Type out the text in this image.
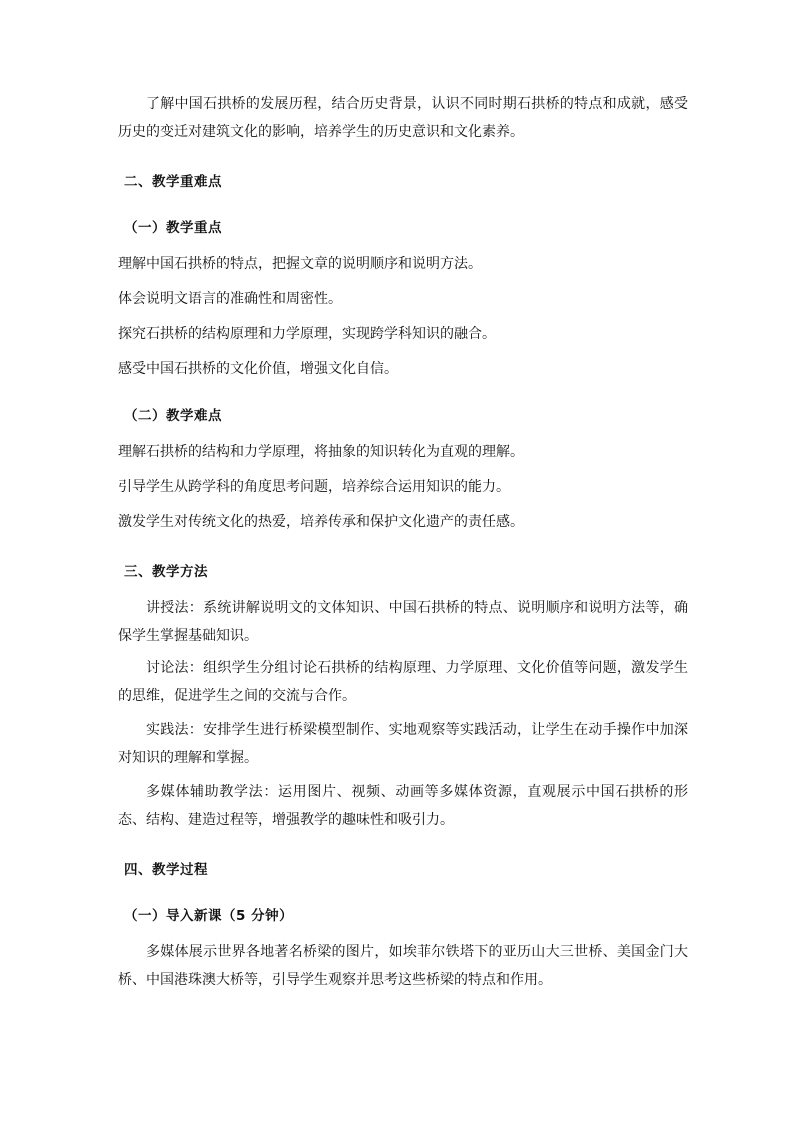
了解中国石拱桥的发展历程，结合历史背景，认识不同时期石拱桥的特点和成就，感受历史的变迁对建筑文化的影响，培养学生的历史意识和文化素养。

二、教学重难点
（一）教学重点

理解中国石拱桥的特点，把握文章的说明顺序和说明方法。

体会说明文语言的准确性和周密性。

探究石拱桥的结构原理和力学原理，实现跨学科知识的融合。

感受中国石拱桥的文化价值，增强文化自信。

（二）教学难点

理解石拱桥的结构和力学原理，将抽象的知识转化为直观的理解。

引导学生从跨学科的角度思考问题，培养综合运用知识的能力。

激发学生对传统文化的热爱，培养传承和保护文化遗产的责任感。

三、教学方法

讲授法：系统讲解说明文的文体知识、中国石拱桥的特点、说明顺序和说明方法等，确保学生掌握基础知识。

讨论法：组织学生分组讨论石拱桥的结构原理、力学原理、文化价值等问题，激发学生的思维，促进学生之间的交流与合作。

实践法：安排学生进行桥梁模型制作、实地观察等实践活动，让学生在动手操作中加深对知识的理解和掌握。

多媒体辅助教学法：运用图片、视频、动画等多媒体资源，直观展示中国石拱桥的形态、结构、建造过程等，增强教学的趣味性和吸引力。

四、教学过程
（一）导入新课（5 分钟）

多媒体展示世界各地著名桥梁的图片，如埃菲尔铁塔下的亚历山大三世桥、美国金门大桥、中国港珠澳大桥等，引导学生观察并思考这些桥梁的特点和作用。
